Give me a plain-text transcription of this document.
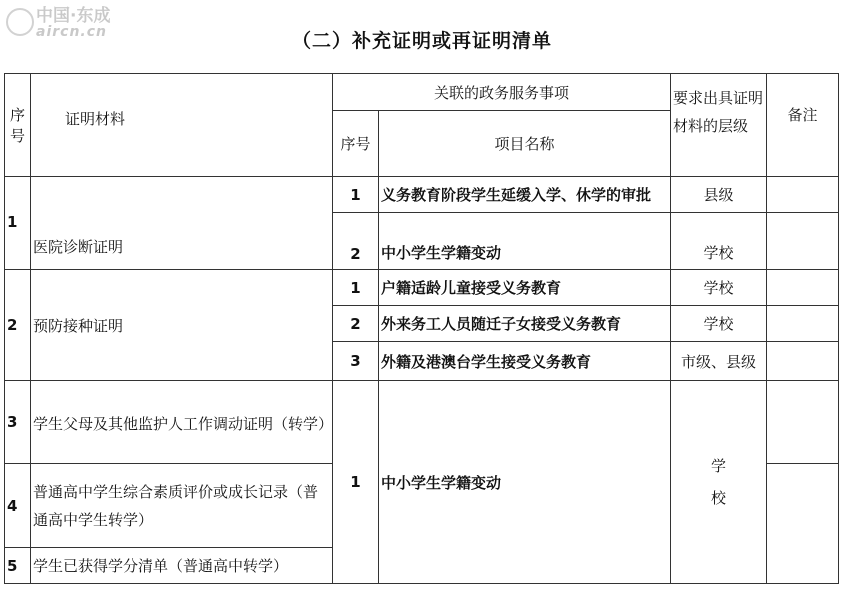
中国·东成
aircn.cn	（二）补充证明或再证明清单
序号	证明材料	关联的政务服务事项		要求出具证明材料的层级	备注
		序号	项目名称		
1	医院诊断证明	1	义务教育阶段学生延缓入学、休学的审批	县级	
		2	中小学生学籍变动	学校	
2	预防接种证明	1	户籍适龄儿童接受义务教育	学校	
		2	外来务工人员随迁子女接受义务教育	学校	
		3	外籍及港澳台学生接受义务教育	市级、县级	
3	学生父母及其他监护人工作调动证明（转学）	1	中小学生学籍变动	学校	
4	普通高中学生综合素质评价或成长记录（普通高中学生转学）				
5	学生已获得学分清单（普通高中转学）				
